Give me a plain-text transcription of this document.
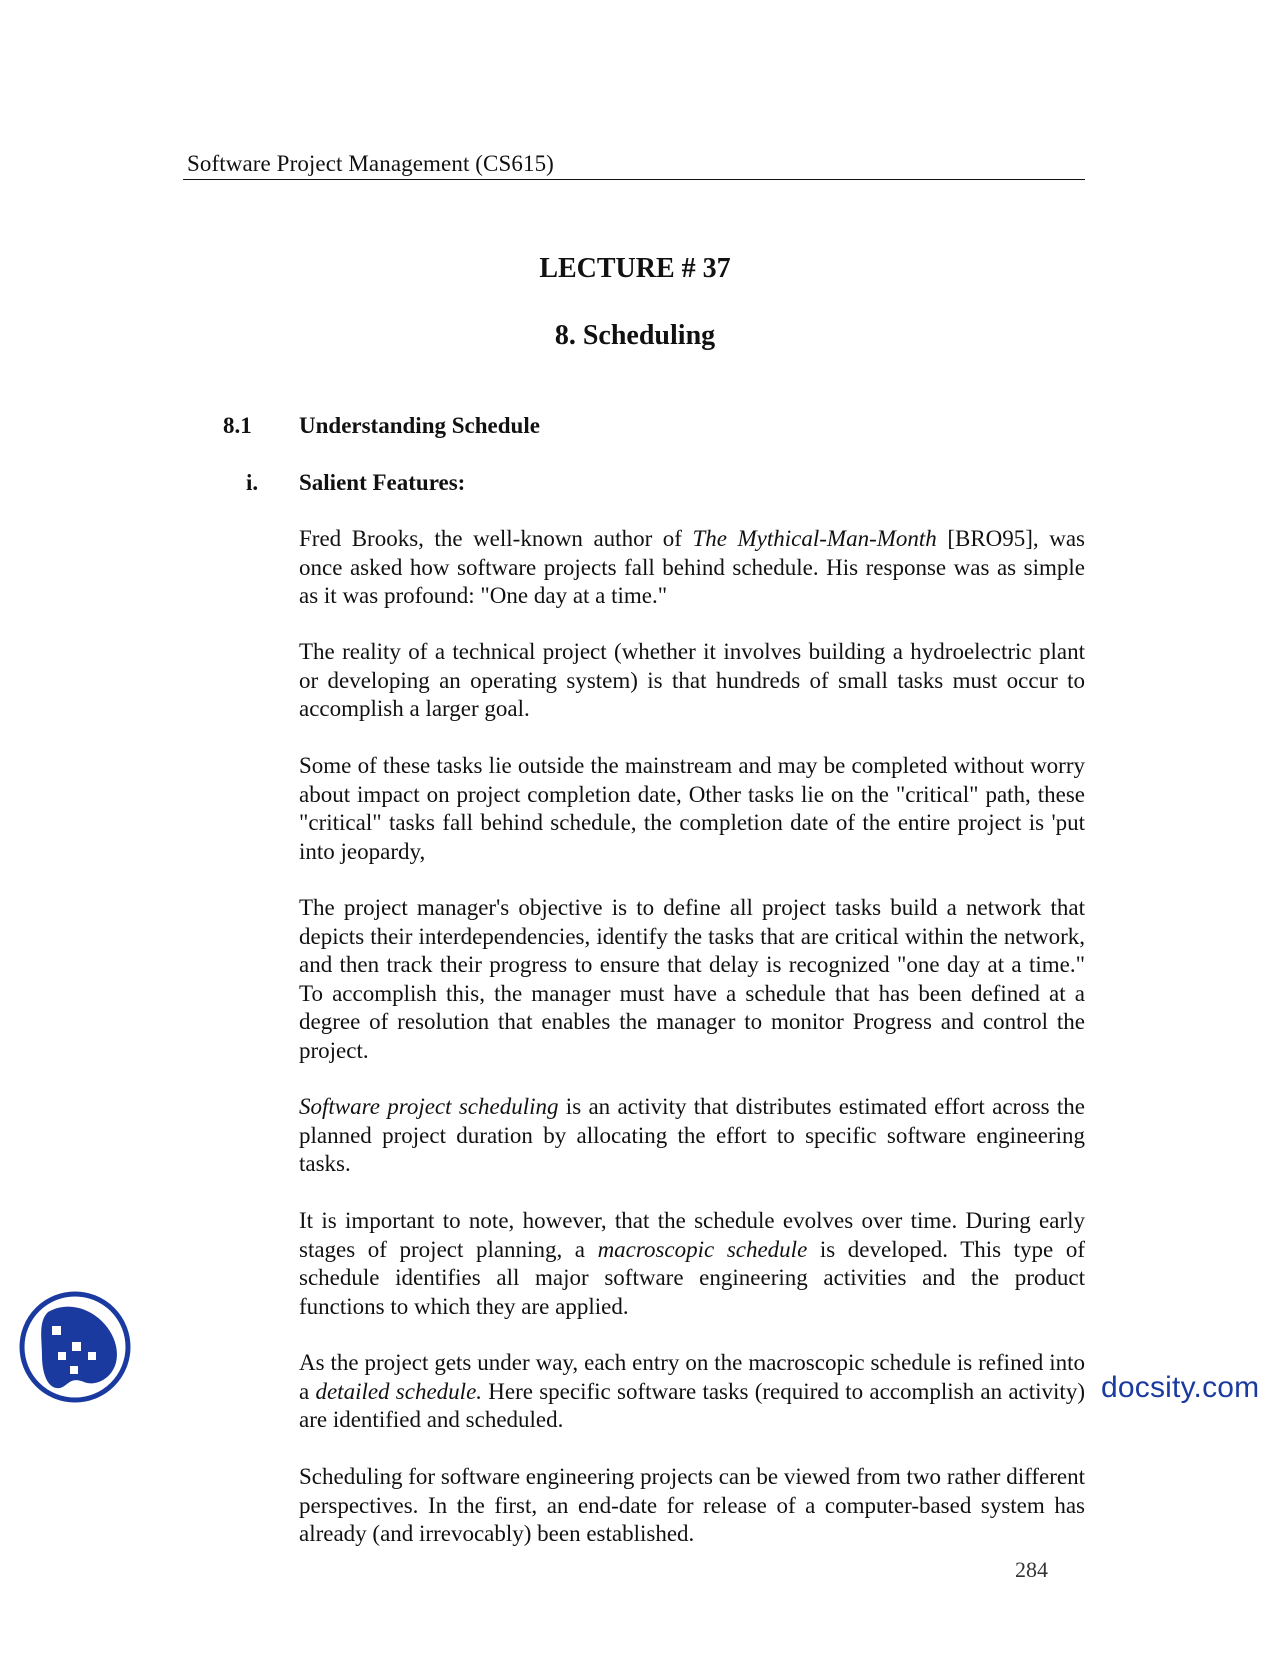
Software Project Management (CS615)
LECTURE # 37
8. Scheduling
8.1 Understanding Schedule
i. Salient Features:

Fred Brooks, the well-known author of The Mythical-Man-Month [BRO95], was once asked how software projects fall behind schedule. His response was as simple as it was profound: "One day at a time."

The reality of a technical project (whether it involves building a hydroelectric plant or developing an operating system) is that hundreds of small tasks must occur to accomplish a larger goal.

Some of these tasks lie outside the mainstream and may be completed without worry about impact on project completion date, Other tasks lie on the "critical" path, these "critical" tasks fall behind schedule, the completion date of the entire project is 'put into jeopardy,

The project manager's objective is to define all project tasks build a network that depicts their interdependencies, identify the tasks that are critical within the network, and then track their progress to ensure that delay is recognized "one day at a time." To accomplish this, the manager must have a schedule that has been defined at a degree of resolution that enables the manager to monitor Progress and control the project.

Software project scheduling is an activity that distributes estimated effort across the planned project duration by allocating the effort to specific software engineering tasks.

It is important to note, however, that the schedule evolves over time. During early stages of project planning, a macroscopic schedule is developed. This type of schedule identifies all major software engineering activities and the product functions to which they are applied.

As the project gets under way, each entry on the macroscopic schedule is refined into a detailed schedule. Here specific software tasks (required to accomplish an activity) are identified and scheduled.

Scheduling for software engineering projects can be viewed from two rather different perspectives. In the first, an end-date for release of a computer-based system has already (and irrevocably) been established.

284
docsity.com
